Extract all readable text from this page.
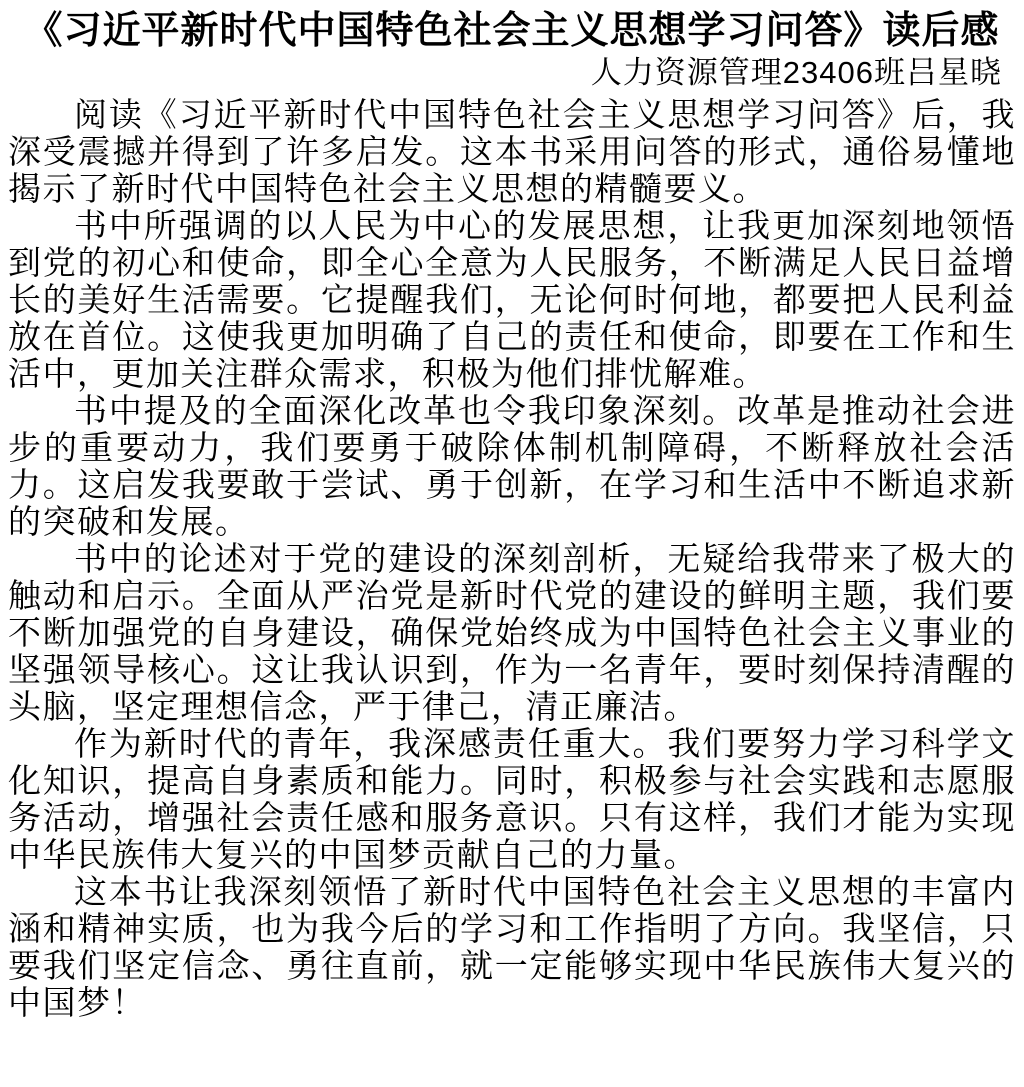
《习近平新时代中国特色社会主义思想学习问答》读后感
人力资源管理23406班吕星晓

阅读《习近平新时代中国特色社会主义思想学习问答》后，我深受震撼并得到了许多启发。这本书采用问答的形式，通俗易懂地揭示了新时代中国特色社会主义思想的精髓要义。

书中所强调的以人民为中心的发展思想，让我更加深刻地领悟到党的初心和使命，即全心全意为人民服务，不断满足人民日益增长的美好生活需要。它提醒我们，无论何时何地，都要把人民利益放在首位。这使我更加明确了自己的责任和使命，即要在工作和生活中，更加关注群众需求，积极为他们排忧解难。

书中提及的全面深化改革也令我印象深刻。改革是推动社会进步的重要动力，我们要勇于破除体制机制障碍，不断释放社会活力。这启发我要敢于尝试、勇于创新，在学习和生活中不断追求新的突破和发展。

书中的论述对于党的建设的深刻剖析，无疑给我带来了极大的触动和启示。全面从严治党是新时代党的建设的鲜明主题，我们要不断加强党的自身建设，确保党始终成为中国特色社会主义事业的坚强领导核心。这让我认识到，作为一名青年，要时刻保持清醒的头脑，坚定理想信念，严于律己，清正廉洁。

作为新时代的青年，我深感责任重大。我们要努力学习科学文化知识，提高自身素质和能力。同时，积极参与社会实践和志愿服务活动，增强社会责任感和服务意识。只有这样，我们才能为实现中华民族伟大复兴的中国梦贡献自己的力量。

这本书让我深刻领悟了新时代中国特色社会主义思想的丰富内涵和精神实质，也为我今后的学习和工作指明了方向。我坚信，只要我们坚定信念、勇往直前，就一定能够实现中华民族伟大复兴的中国梦！
